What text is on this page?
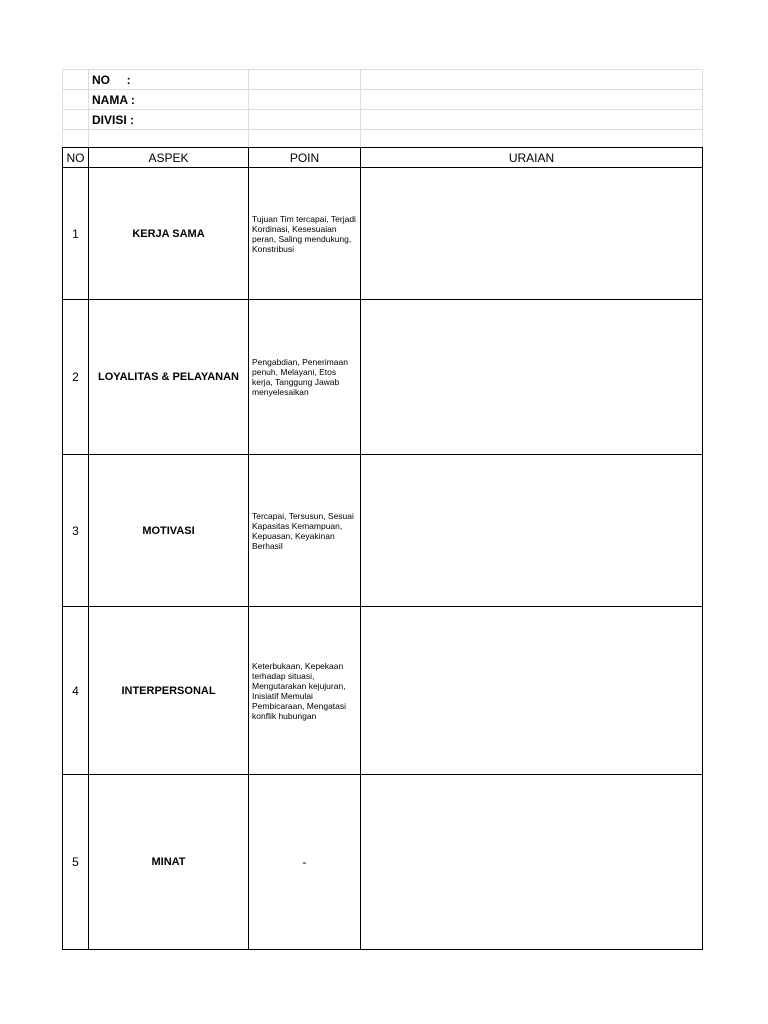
	NO     :		
	NAMA :		
	DIVISI :		

NO	ASPEK	POIN	URAIAN
1	KERJA SAMA	Tujuan Tim tercapai, Terjadi Kordinasi, Kesesuaian peran, Saling mendukung, Konstribusi	
2	LOYALITAS & PELAYANAN	Pengabdian, Penerimaan penuh, Melayani, Etos kerja, Tanggung Jawab menyelesaikan	
3	MOTIVASI	Tercapai, Tersusun, Sesuai Kapasitas Kemampuan, Kepuasan, Keyakinan Berhasil	
4	INTERPERSONAL	Keterbukaan, Kepekaan terhadap situasi, Mengutarakan kejujuran, Inisiatif Memulai Pembicaraan, Mengatasi konflik hubungan	
5	MINAT	-	
